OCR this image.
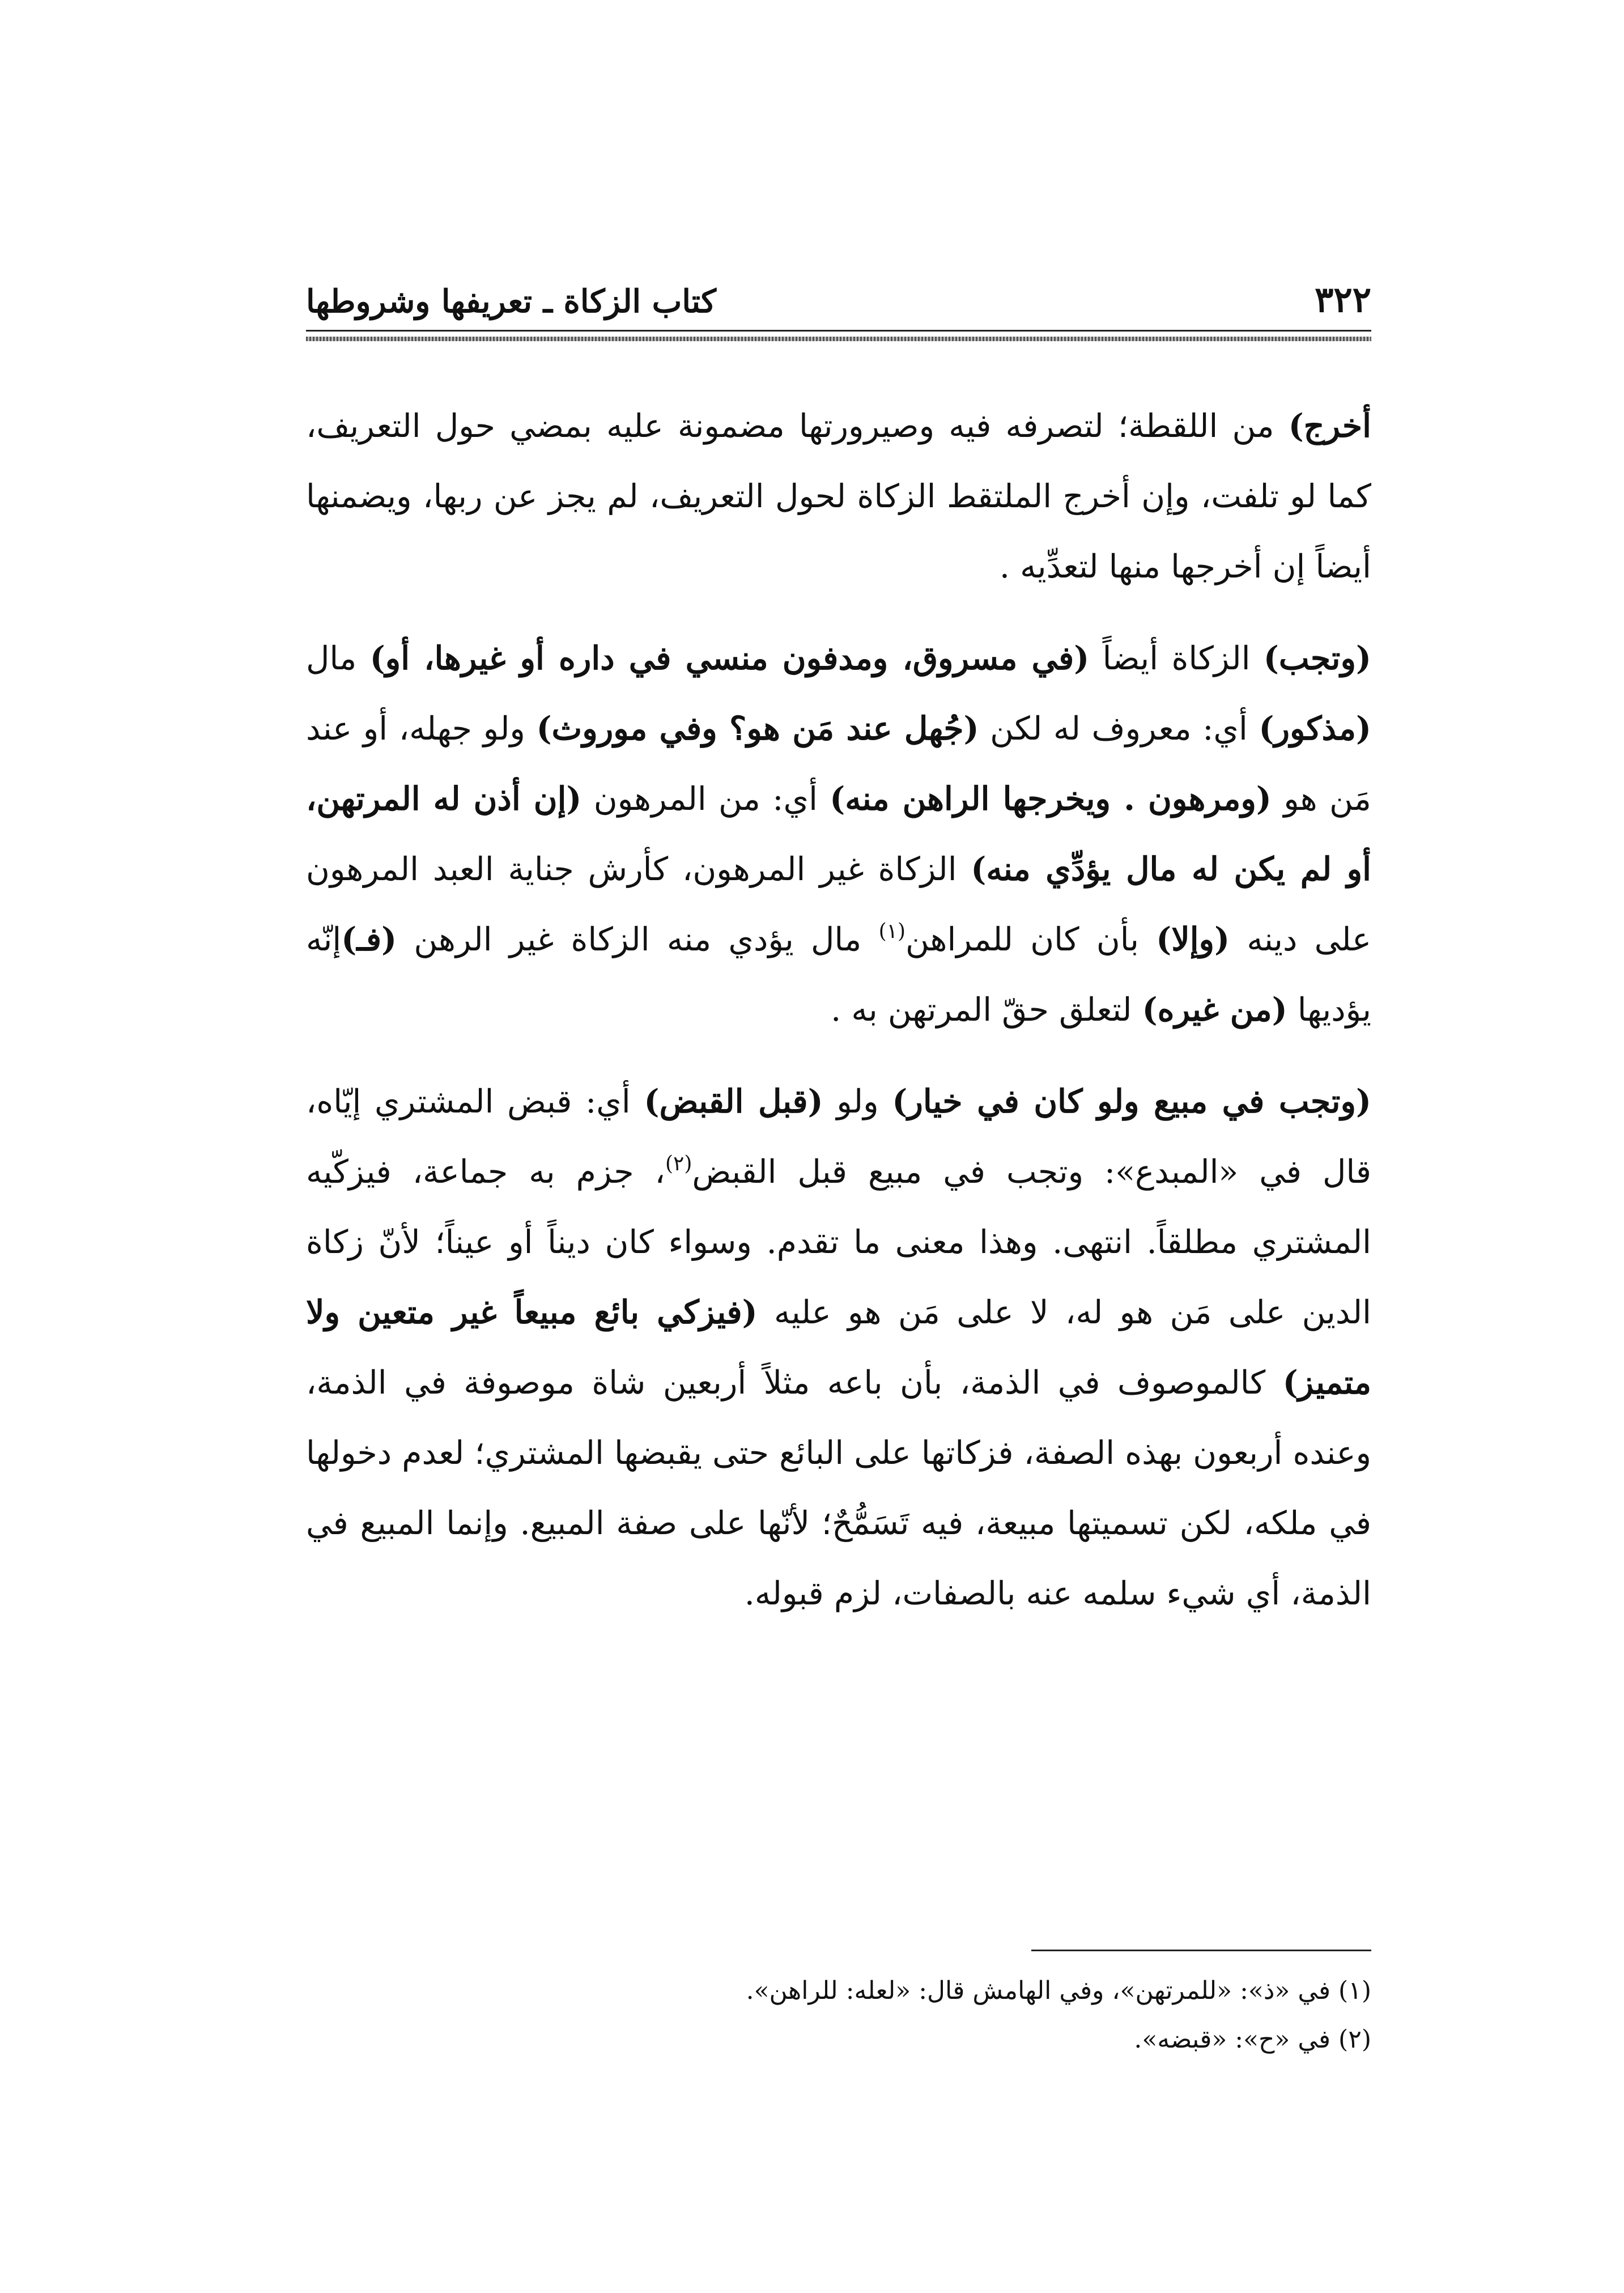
٣٢٢
كتاب الزكاة ـ تعريفها وشروطها

أخرج) من اللقطة؛ لتصرفه فيه وصيرورتها مضمونة عليه بمضي حول التعريف، كما لو تلفت، وإن أخرج الملتقط الزكاة لحول التعريف، لم يجز عن ربها، ويضمنها أيضاً إن أخرجها منها لتعدِّيه .

(وتجب) الزكاة أيضاً (في مسروق، ومدفون منسي في داره أو غيرها، أو) مال (مذكور) أي: معروف له لكن (جُهل عند مَن هو؟ وفي موروث) ولو جهله، أو عند مَن هو (ومرهون . ويخرجها الراهن منه) أي: من المرهون (إن أذن له المرتهن، أو لم يكن له مال يؤدِّي منه) الزكاة غير المرهون، كأرش جناية العبد المرهون على دينه (وإلا) بأن كان للمراهن$^{(١)}$ مال يؤدي منه الزكاة غير الرهن (فـ)إنّه يؤديها (من غيره) لتعلق حقّ المرتهن به .

(وتجب في مبيع ولو كان في خيار) ولو (قبل القبض) أي: قبض المشتري إيّاه، قال في «المبدع»: وتجب في مبيع قبل القبض$^{(٢)}$، جزم به جماعة، فيزكّيه المشتري مطلقاً. انتهى. وهذا معنى ما تقدم. وسواء كان ديناً أو عيناً؛ لأنّ زكاة الدين على مَن هو له، لا على مَن هو عليه (فيزكي بائع مبيعاً غير متعين ولا متميز) كالموصوف في الذمة، بأن باعه مثلاً أربعين شاة موصوفة في الذمة، وعنده أربعون بهذه الصفة، فزكاتها على البائع حتى يقبضها المشتري؛ لعدم دخولها في ملكه، لكن تسميتها مبيعة، فيه تَسَمُّحٌ؛ لأنّها على صفة المبيع. وإنما المبيع في الذمة، أي شيء سلمه عنه بالصفات، لزم قبوله.

(١) في «ذ»: «للمرتهن»، وفي الهامش قال: «لعله: للراهن».
(٢) في «ح»: «قبضه».
